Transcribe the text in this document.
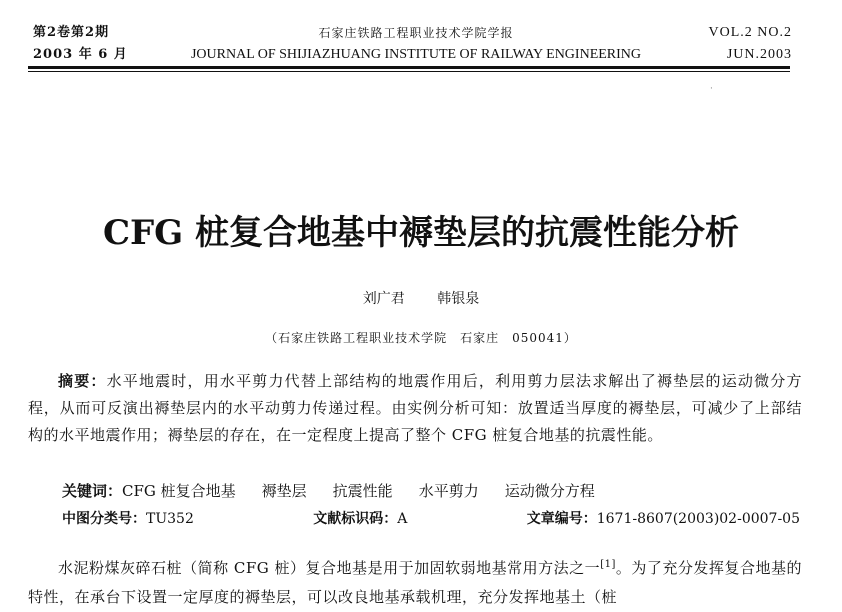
第2卷第2期
2003 年 6 月
石家庄铁路工程职业技术学院学报
JOURNAL OF SHIJIAZHUANG INSTITUTE OF RAILWAY ENGINEERING
VOL.2 NO.2
JUN.2003
·
CFG 桩复合地基中褥垫层的抗震性能分析
刘广君 韩银泉
（石家庄铁路工程职业技术学院　石家庄　050041）
摘要：水平地震时，用水平剪力代替上部结构的地震作用后，利用剪力层法求解出了褥垫层的运动微分方程，从而可反演出褥垫层内的水平动剪力传递过程。由实例分析可知：放置适当厚度的褥垫层，可减少了上部结构的水平地震作用；褥垫层的存在，在一定程度上提高了整个 CFG 桩复合地基的抗震性能。
关键词：CFG 桩复合地基 褥垫层 抗震性能 水平剪力 运动微分方程
中图分类号：TU352	文献标识码：A	文章编号：1671-8607(2003)02-0007-05
水泥粉煤灰碎石桩（简称 CFG 桩）复合地基是用于加固软弱地基常用方法之一[1]。为了充分发挥复合地基的特性，在承台下设置一定厚度的褥垫层，可以改良地基承载机理，充分发挥地基土（桩
